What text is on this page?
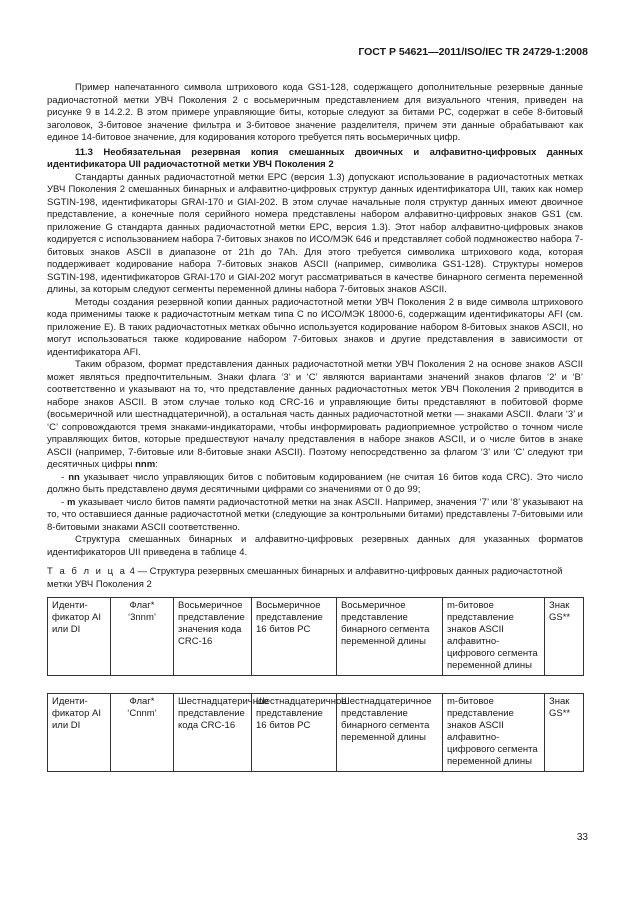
ГОСТ Р 54621—2011/ISO/IEC TR 24729-1:2008

Пример напечатанного символа штрихового кода GS1-128, содержащего дополнительные резервные данные радиочастотной метки УВЧ Поколения 2 с восьмеричным представлением для визуального чтения, приведен на рисунке 9 в 14.2.2. В этом примере управляющие биты, которые следуют за битами PC, содержат в себе 8-битовый заголовок, 3-битовое значение фильтра и 3-битовое значение разделителя, причем эти данные обрабатывают как единое 14-битовое значение, для кодирования которого требуется пять восьмеричных цифр.

11.3 Необязательная резервная копия смешанных двоичных и алфавитно-цифровых данных идентификатора UII радиочастотной метки УВЧ Поколения 2

Стандарты данных радиочастотной метки EPC (версия 1.3) допускают использование в радиочастотных метках УВЧ Поколения 2 смешанных бинарных и алфавитно-цифровых структур данных идентификатора UII, таких как номер SGTIN-198, идентификаторы GRAI-170 и GIAI-202. В этом случае начальные поля структур данных имеют двоичное представление, а конечные поля серийного номера представлены набором алфавитно-цифровых знаков GS1 (см. приложение G стандарта данных радиочастотной метки EPC, версия 1.3). Этот набор алфавитно-цифровых знаков кодируется с использованием набора 7-битовых знаков по ИСО/МЭК 646 и представляет собой подмножество набора 7-битовых знаков ASCII в диапазоне от 21h до 7Ah. Для этого требуется символика штрихового кода, которая поддерживает кодирование набора 7-битовых знаков ASCII (например, символика GS1-128). Структуры номеров SGTIN-198, идентификаторов GRAI-170 и GIAI-202 могут рассматриваться в качестве бинарного сегмента переменной длины, за которым следуют сегменты переменной длины набора 7-битовых знаков ASCII.

Методы создания резервной копии данных радиочастотной метки УВЧ Поколения 2 в виде символа штрихового кода применимы также к радиочастотным меткам типа С по ИСО/МЭК 18000-6, содержащим идентификаторы AFI (см. приложение E). В таких радиочастотных метках обычно используется кодирование набором 8-битовых знаков ASCII, но могут использоваться также кодирование набором 7-битовых знаков и другие представления в зависимости от идентификатора AFI.

Таким образом, формат представления данных радиочастотной метки УВЧ Поколения 2 на основе знаков ASCII может являться предпочтительным. Знаки флага ‘3’ и ‘C’ являются вариантами значений знаков флагов ‘2’ и ‘B’ соответственно и указывают на то, что представление данных радиочастотных меток УВЧ Поколения 2 приводится в наборе знаков ASCII. В этом случае только код CRC-16 и управляющие биты представляют в побитовой форме (восьмеричной или шестнадцатеричной), а остальная часть данных радиочастотной метки — знаками ASCII. Флаги ‘3’ и ‘C’ сопровождаются тремя знаками-индикаторами, чтобы информировать радиоприемное устройство о точном числе управляющих битов, которые предшествуют началу представления в наборе знаков ASCII, и о числе битов в знаке ASCII (например, 7-битовые или 8-битовые знаки ASCII). Поэтому непосредственно за флагом ‘3’ или ‘C’ следуют три десятичных цифры nnm:

- nn указывает число управляющих битов с побитовым кодированием (не считая 16 битов кода CRC). Это число должно быть представлено двумя десятичными цифрами со значениями от 0 до 99;

- m указывает число битов памяти радиочастотной метки на знак ASCII. Например, значения ‘7’ или ‘8’ указывают на то, что оставшиеся данные радиочастотной метки (следующие за контрольными битами) представлены 7-битовыми или 8-битовыми знаками ASCII соответственно.

Структура смешанных бинарных и алфавитно-цифровых резервных данных для указанных форматов идентификаторов UII приведена в таблице 4.

Т а б л и ц а 4 — Структура резервных смешанных бинарных и алфавитно-цифровых данных радиочастотной метки УВЧ Поколения 2
Иденти-фикатор AI или DI	Флаг* ‘3nnm’	Восьмеричное представление значения кода CRC-16	Восьмеричное представление 16 битов PC	Восьмеричное представление бинарного сегмента переменной длины	m-битовое представление знаков ASCII алфавитно-цифрового сегмента переменной длины	Знак GS**
Иденти-фикатор AI или DI	Флаг* ‘Cnnm’	Шестнадцатеричное представление кода CRC-16	Шестнадцатеричное представление 16 битов PC	Шестнадцатеричное представление бинарного сегмента переменной длины	m-битовое представление знаков ASCII алфавитно-цифрового сегмента переменной длины	Знак GS**
33
